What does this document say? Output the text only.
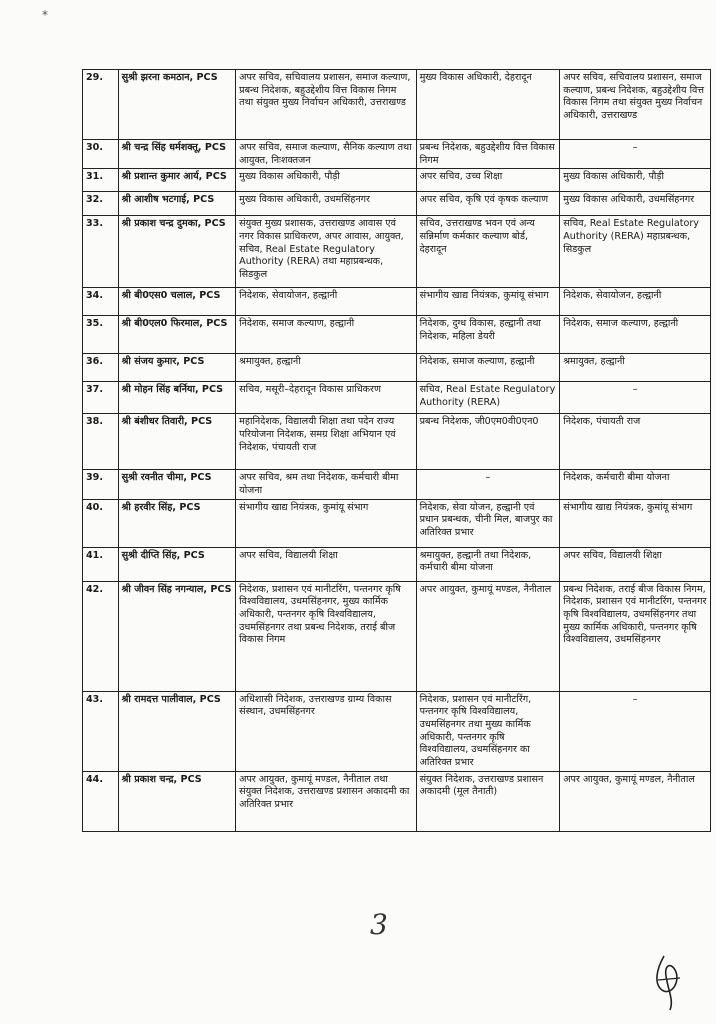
*
29.	सुश्री झरना कमठान, PCS	अपर सचिव, सचिवालय प्रशासन, समाज कल्याण, प्रबन्ध निदेशक, बहुउद्देशीय वित्त विकास निगम तथा संयुक्त मुख्य निर्वाचन अधिकारी, उत्तराखण्ड	मुख्य विकास अधिकारी, देहरादून	अपर सचिव, सचिवालय प्रशासन, समाज कल्याण, प्रबन्ध निदेशक, बहुउद्देशीय वित्त विकास निगम तथा संयुक्त मुख्य निर्वाचन अधिकारी, उत्तराखण्ड
30.	श्री चन्द्र सिंह धर्मशक्तू, PCS	अपर सचिव, समाज कल्याण, सैनिक कल्याण तथा आयुक्त, निःशक्तजन	प्रबन्ध निदेशक, बहुउद्देशीय वित्त विकास निगम	–
31.	श्री प्रशान्त कुमार आर्य, PCS	मुख्य विकास अधिकारी, पौड़ी	अपर सचिव, उच्च शिक्षा	मुख्य विकास अधिकारी, पौड़ी
32.	श्री आशीष भटगाई, PCS	मुख्य विकास अधिकारी, उधमसिंहनगर	अपर सचिव, कृषि एवं कृषक कल्याण	मुख्य विकास अधिकारी, उधमसिंहनगर
33.	श्री प्रकाश चन्द्र दुमका, PCS	संयुक्त मुख्य प्रशासक, उत्तराखण्ड आवास एवं नगर विकास प्राधिकरण, अपर आवास, आयुक्त, सचिव, Real Estate Regulatory Authority (RERA) तथा महाप्रबन्धक, सिडकुल	सचिव, उत्तराखण्ड भवन एवं अन्य सन्निर्माण कर्मकार कल्याण बोर्ड, देहरादून	सचिव, Real Estate Regulatory Authority (RERA) महाप्रबन्धक, सिडकुल
34.	श्री बी0एस0 चलाल, PCS	निदेशक, सेवायोजन, हल्द्वानी	संभागीय खाद्य नियंत्रक, कुमांयू संभाग	निदेशक, सेवायोजन, हल्द्वानी
35.	श्री बी0एल0 फिरमाल, PCS	निदेशक, समाज कल्याण, हल्द्वानी	निदेशक, दुग्ध विकास, हल्द्वानी तथा निदेशक, महिला डेयरी	निदेशक, समाज कल्याण, हल्द्वानी
36.	श्री संजय कुमार, PCS	श्रमायुक्त, हल्द्वानी	निदेशक, समाज कल्याण, हल्द्वानी	श्रमायुक्त, हल्द्वानी
37.	श्री मोहन सिंह बर्निया, PCS	सचिव, मसूरी–देहरादून विकास प्राधिकरण	सचिव, Real Estate Regulatory Authority (RERA)	–
38.	श्री बंशीधर तिवारी, PCS	महानिदेशक, विद्यालयी शिक्षा तथा पदेन राज्य परियोजना निदेशक, समग्र शिक्षा अभियान एवं निदेशक, पंचायती राज	प्रबन्ध निदेशक, जी0एम0वी0एन0	निदेशक, पंचायती राज
39.	सुश्री रवनीत चीमा, PCS	अपर सचिव, श्रम तथा निदेशक, कर्मचारी बीमा योजना	–	निदेशक, कर्मचारी बीमा योजना
40.	श्री हरवीर सिंह, PCS	संभागीय खाद्य नियंत्रक, कुमांयू संभाग	निदेशक, सेवा योजन, हल्द्वानी एवं प्रधान प्रबन्धक, चीनी मिल, बाजपुर का अतिरिक्त प्रभार	संभागीय खाद्य नियंत्रक, कुमांयू संभाग
41.	सुश्री दीप्ति सिंह, PCS	अपर सचिव, विद्यालयी शिक्षा	श्रमायुक्त, हल्द्वानी तथा निदेशक, कर्मचारी बीमा योजना	अपर सचिव, विद्यालयी शिक्षा
42.	श्री जीवन सिंह नगन्याल, PCS	निदेशक, प्रशासन एवं मानीटरिंग, पन्तनगर कृषि विश्वविद्यालय, उधमसिंहनगर, मुख्य कार्मिक अधिकारी, पन्तनगर कृषि विश्वविद्यालय, उधमसिंहनगर तथा प्रबन्ध निदेशक, तराई बीज विकास निगम	अपर आयुक्त, कुमायूं मण्डल, नैनीताल	प्रबन्ध निदेशक, तराई बीज विकास निगम, निदेशक, प्रशासन एवं मानीटरिंग, पन्तनगर कृषि विश्वविद्यालय, उधमसिंहनगर तथा मुख्य कार्मिक अधिकारी, पन्तनगर कृषि विश्वविद्यालय, उधमसिंहनगर
43.	श्री रामदत्त पालीवाल, PCS	अधिशासी निदेशक, उत्तराखण्ड ग्राम्य विकास संस्थान, उधमसिंहनगर	निदेशक, प्रशासन एवं मानीटरिंग, पन्तनगर कृषि विश्वविद्यालय, उधमसिंहनगर तथा मुख्य कार्मिक अधिकारी, पन्तनगर कृषि विश्वविद्यालय, उधमसिंहनगर का अतिरिक्त प्रभार	–
44.	श्री प्रकाश चन्द्र, PCS	अपर आयुक्त, कुमायूं मण्डल, नैनीताल तथा संयुक्त निदेशक, उत्तराखण्ड प्रशासन अकादमी का अतिरिक्त प्रभार	संयुक्त निदेशक, उत्तराखण्ड प्रशासन अकादमी (मूल तैनाती)	अपर आयुक्त, कुमायूं मण्डल, नैनीताल
3
